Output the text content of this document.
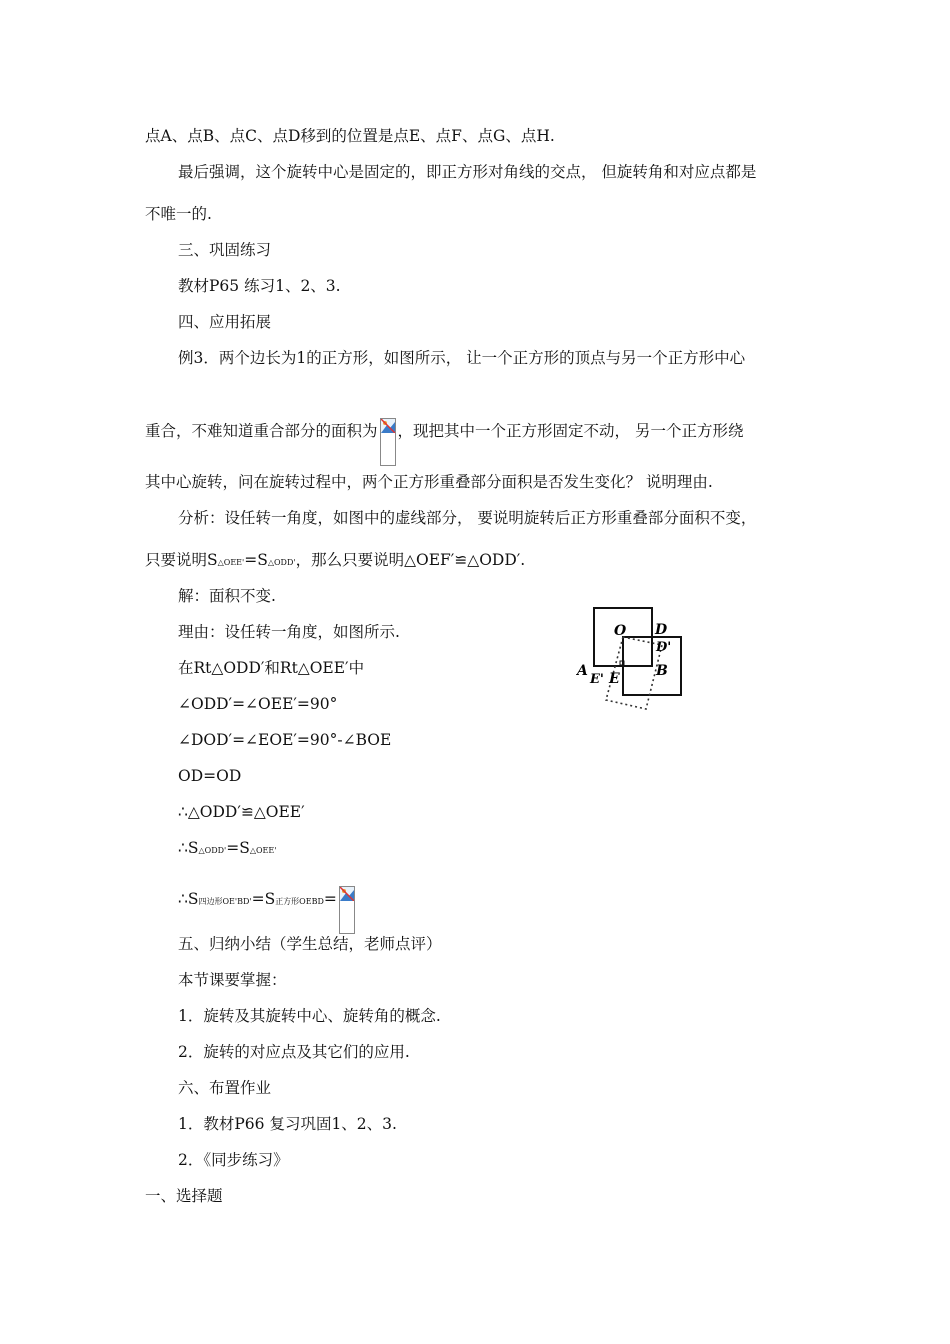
点A、点B、点C、点D移到的位置是点E、点F、点G、点H.
最后强调，这个旋转中心是固定的，即正方形对角线的交点， 但旋转角和对应点都是
不唯一的.
三、巩固练习
教材P65 练习1、2、3.
四、应用拓展
例3．两个边长为1的正方形，如图所示， 让一个正方形的顶点与另一个正方形中心
重合，不难知道重合部分的面积为 ，现把其中一个正方形固定不动， 另一个正方形绕
其中心旋转，问在旋转过程中，两个正方形重叠部分面积是否发生变化？ 说明理由.
分析：设任转一角度，如图中的虚线部分， 要说明旋转后正方形重叠部分面积不变，
只要说明S△OEE'=S△ODD'，那么只要说明△OEF′≌△ODD′.
解：面积不变.
理由：设任转一角度，如图所示.
在Rt△ODD′和Rt△OEE′中
∠ODD′=∠OEE′=90°
∠DOD′=∠EOE′=90°-∠BOE
OD=OD
∴△ODD′≌△OEE′
∴S△ODD'=S△OEE'
∴S四边形OE'BD'=S正方形OEBD=
五、归纳小结（学生总结，老师点评）
本节课要掌握：
1．旋转及其旋转中心、旋转角的概念.
2．旋转的对应点及其它们的应用.
六、布置作业
1．教材P66 复习巩固1、2、3.
2．《同步练习》
一、选择题
O D
D'
A
E' E	B
